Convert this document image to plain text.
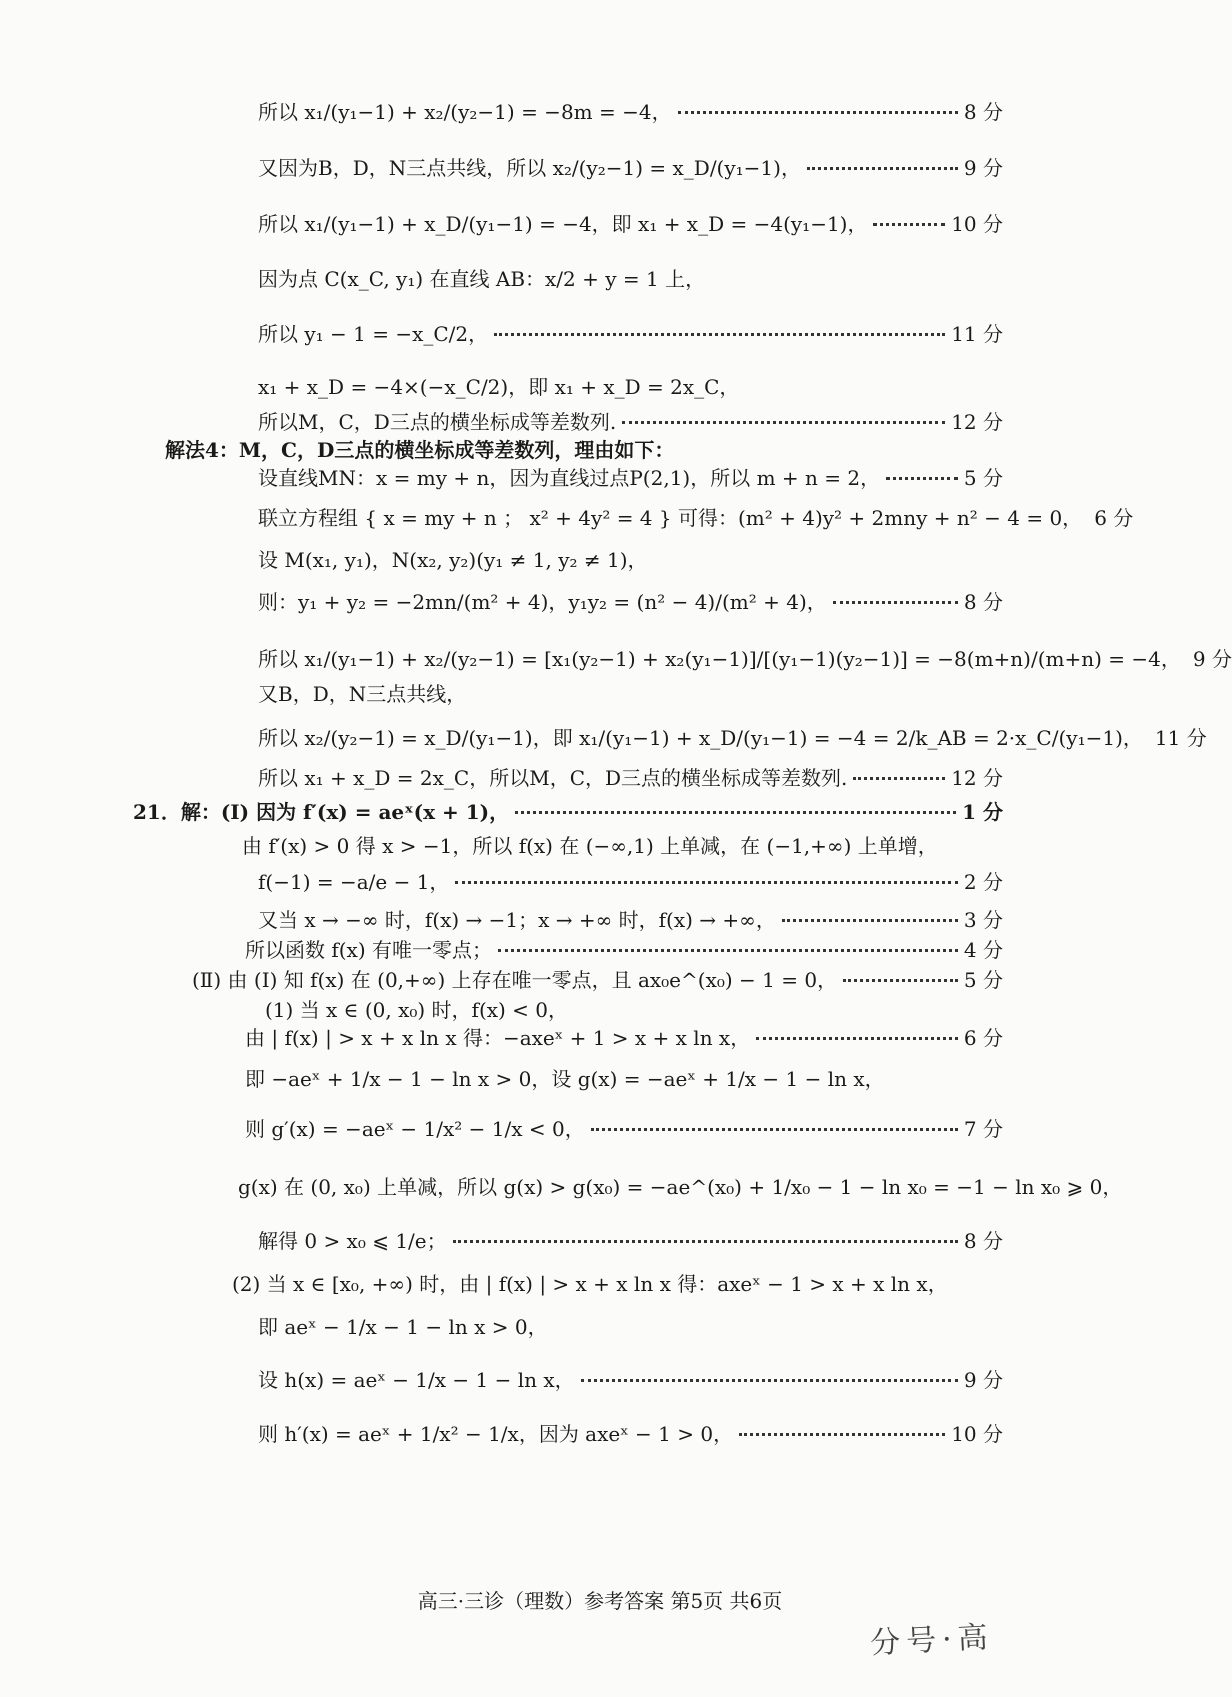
所以 x₁/(y₁−1) + x₂/(y₂−1) = −8m = −4，	8 分
又因为B，D，N三点共线，所以 x₂/(y₂−1) = x_D/(y₁−1)，	9 分
所以 x₁/(y₁−1) + x_D/(y₁−1) = −4，即 x₁ + x_D = −4(y₁−1)，	10 分
因为点 C(x_C, y₁) 在直线 AB：x/2 + y = 1 上，
所以 y₁ − 1 = −x_C/2，	11 分
x₁ + x_D = −4×(−x_C/2)，即 x₁ + x_D = 2x_C，
所以M，C，D三点的横坐标成等差数列.	12 分
解法4：M，C，D三点的横坐标成等差数列，理由如下：
设直线MN：x = my + n，因为直线过点P(2,1)，所以 m + n = 2，	5 分
联立方程组 { x = my + n ； x² + 4y² = 4 } 可得：(m² + 4)y² + 2mny + n² − 4 = 0， 6 分
设 M(x₁, y₁)，N(x₂, y₂)(y₁ ≠ 1, y₂ ≠ 1)，
则：y₁ + y₂ = −2mn/(m² + 4)，y₁y₂ = (n² − 4)/(m² + 4)，	8 分
所以 x₁/(y₁−1) + x₂/(y₂−1) = [x₁(y₂−1) + x₂(y₁−1)]/[(y₁−1)(y₂−1)] = −8(m+n)/(m+n) = −4， 9 分
又B，D，N三点共线，
所以 x₂/(y₂−1) = x_D/(y₁−1)，即 x₁/(y₁−1) + x_D/(y₁−1) = −4 = 2/k_AB = 2·x_C/(y₁−1)， 11 分
所以 x₁ + x_D = 2x_C，所以M，C，D三点的横坐标成等差数列.	12 分
21．解：(Ⅰ) 因为 f′(x) = aeˣ(x + 1)，	1 分
由 f′(x) > 0 得 x > −1，所以 f(x) 在 (−∞,1) 上单减，在 (−1,+∞) 上单增，
f(−1) = −a/e − 1，	2 分
又当 x → −∞ 时，f(x) → −1；x → +∞ 时，f(x) → +∞，	3 分
所以函数 f(x) 有唯一零点；	4 分
(Ⅱ) 由 (Ⅰ) 知 f(x) 在 (0,+∞) 上存在唯一零点，且 ax₀e^(x₀) − 1 = 0，	5 分
(1) 当 x ∈ (0, x₀) 时，f(x) < 0，
由 | f(x) | > x + x ln x 得：−axeˣ + 1 > x + x ln x，	6 分
即 −aeˣ + 1/x − 1 − ln x > 0，设 g(x) = −aeˣ + 1/x − 1 − ln x，
则 g′(x) = −aeˣ − 1/x² − 1/x < 0，	7 分
g(x) 在 (0, x₀) 上单减，所以 g(x) > g(x₀) = −ae^(x₀) + 1/x₀ − 1 − ln x₀ = −1 − ln x₀ ⩾ 0，
解得 0 > x₀ ⩽ 1/e；	8 分
(2) 当 x ∈ [x₀, +∞) 时，由 | f(x) | > x + x ln x 得：axeˣ − 1 > x + x ln x，
即 aeˣ − 1/x − 1 − ln x > 0，
设 h(x) = aeˣ − 1/x − 1 − ln x，	9 分
则 h′(x) = aeˣ + 1/x² − 1/x，因为 axeˣ − 1 > 0，	10 分
高三·三诊（理数）参考答案 第5页 共6页
分号·高
